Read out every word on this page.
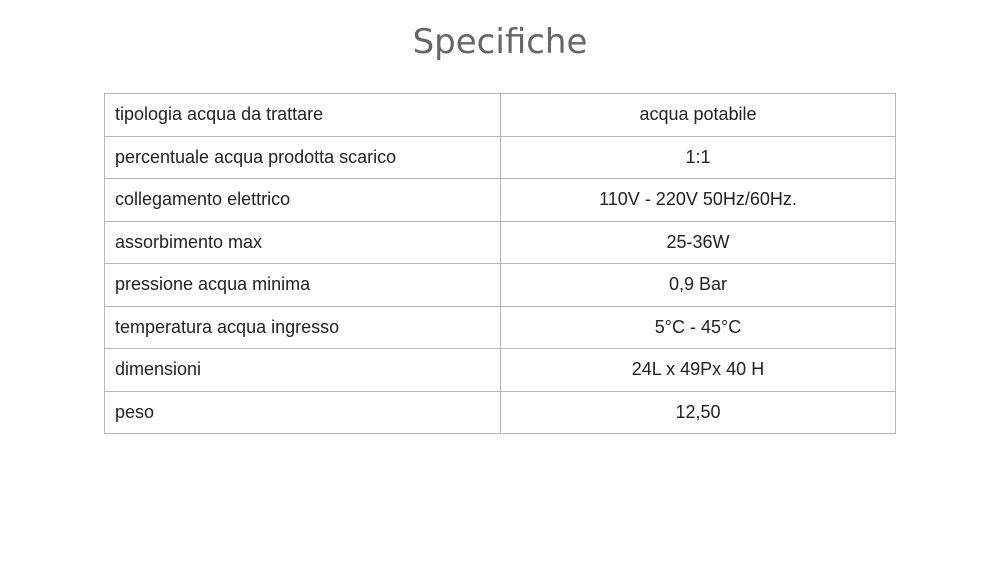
Specifiche
tipologia acqua da trattare	acqua potabile
percentuale acqua prodotta scarico	1:1
collegamento elettrico	110V - 220V 50Hz/60Hz.
assorbimento max	25-36W
pressione acqua minima	0,9 Bar
temperatura acqua ingresso	5°C - 45°C
dimensioni	24L x 49Px 40 H
peso	12,50
